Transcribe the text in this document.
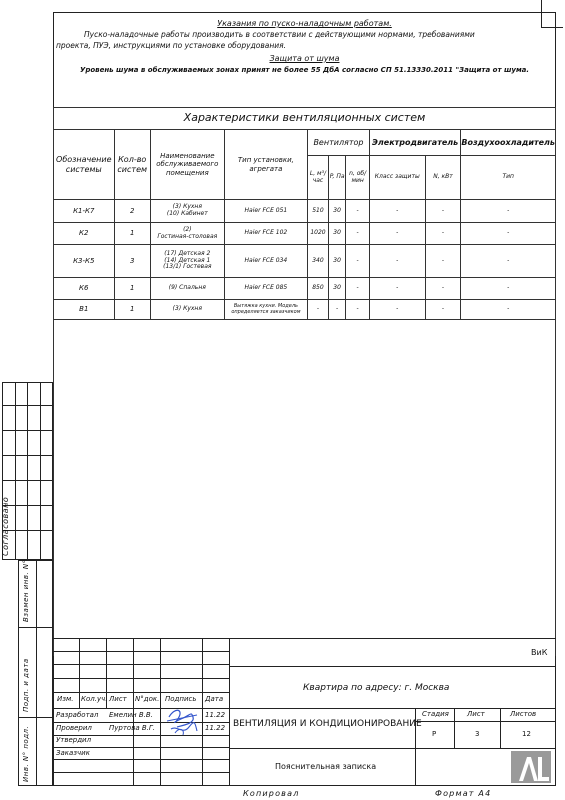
Указания по пуско-наладочным работам.
Пуско-наладочные работы производить в соответствии с действующими нормами, требованиями
проекта, ПУЭ, инструкциями по установке оборудования.
Защита от шума
Уровень шума в обслуживаемых зонах принят не более 55 ДбА согласно СП 51.13330.2011 "Защита от шума.
Характеристики вентиляционных систем									
Обозначение системы	Кол-во систем	Наименование обслуживаемого помещения	Тип установки, агрегата	Вентилятор			Электродвигатель		Воздухоохладитель
				L, м³/час	P, Па	n, об/мин	Класс защиты	N, кВт	Тип
К1-К7	2	(3) Кухня
(10) Кабинет	Haier FCE 051	510	30	-	-	-	-
К2	1	(2)
Гостиная-столовая	Haier FCE 102	1020	30	-	-	-	-
К3-К5	3	(17) Детская 2
(14) Детская 1
(13/1) Гостевая	Haier FCE 034	340	30	-	-	-	-
К6	1	(9) Спальня	Haier FCE 085	850	30	-	-	-	-
В1	1	(3) Кухня	Вытяжка кухни. Модель
определяется заказчиком	-	-	-	-	-	-

Согласовано
Взамен инв. N°
Подп. и дата
Инв. N° подл.
ВиК
Квартира по адресу: г. Москва
Изм. Кол.уч. Лист N°док. Подпись Дата
Разработал Емелин В.В.	11.22
Проверил Пуртова В.Г.	11.22
Утвердил
Заказчик
ВЕНТИЛЯЦИЯ И КОНДИЦИОНИРОВАНИЕ
Стадия	Лист	Листов
Р	3	12
Пояснительная записка
Копировал	Формат А4
